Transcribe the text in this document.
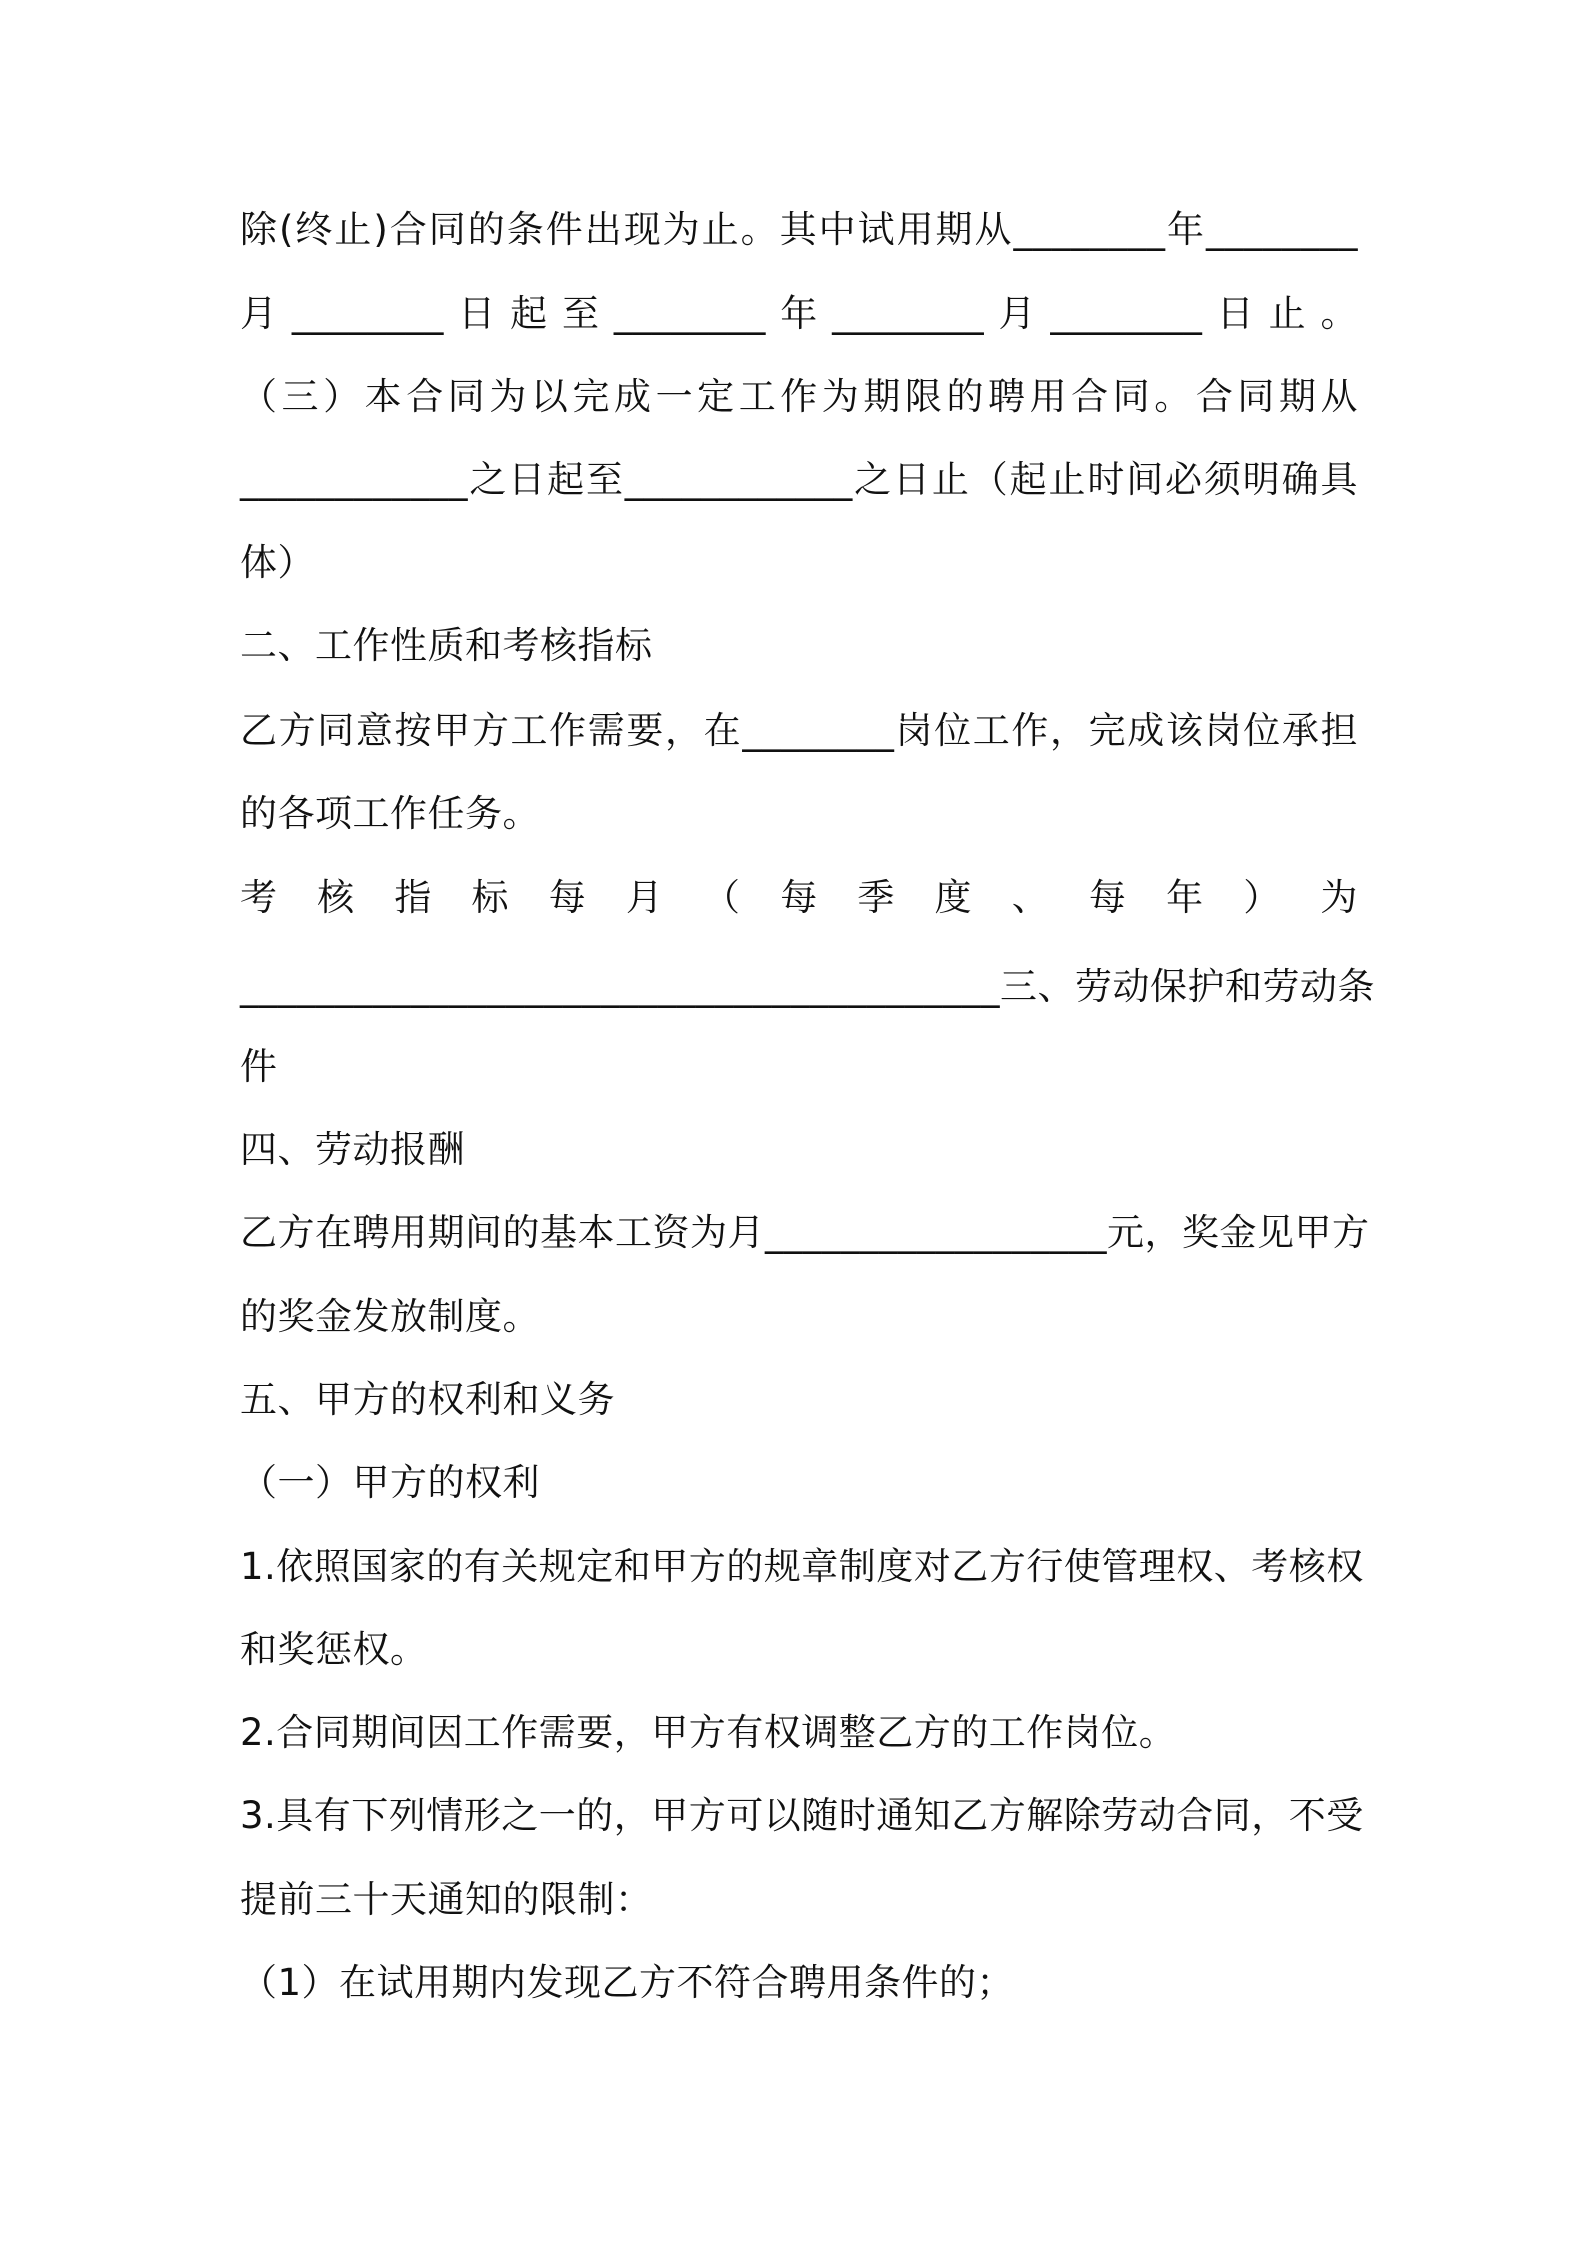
除(终止)合同的条件出现为止。其中试用期从________年________
月________日起至________年________月________日止。
（三）本合同为以完成一定工作为期限的聘用合同。合同期从
____________之日起至____________之日止（起止时间必须明确具
体）
二、工作性质和考核指标
乙方同意按甲方工作需要，在________岗位工作，完成该岗位承担
的各项工作任务。
考 核 指 标 每 月 （ 每 季 度 、 每 年 ） 为
________________________________________三、劳动保护和劳动条
件
四、劳动报酬
乙方在聘用期间的基本工资为月__________________元，奖金见甲方
的奖金发放制度。
五、甲方的权利和义务
（一）甲方的权利
1.依照国家的有关规定和甲方的规章制度对乙方行使管理权、考核权
和奖惩权。
2.合同期间因工作需要，甲方有权调整乙方的工作岗位。
3.具有下列情形之一的，甲方可以随时通知乙方解除劳动合同，不受
提前三十天通知的限制：
（1）在试用期内发现乙方不符合聘用条件的；
